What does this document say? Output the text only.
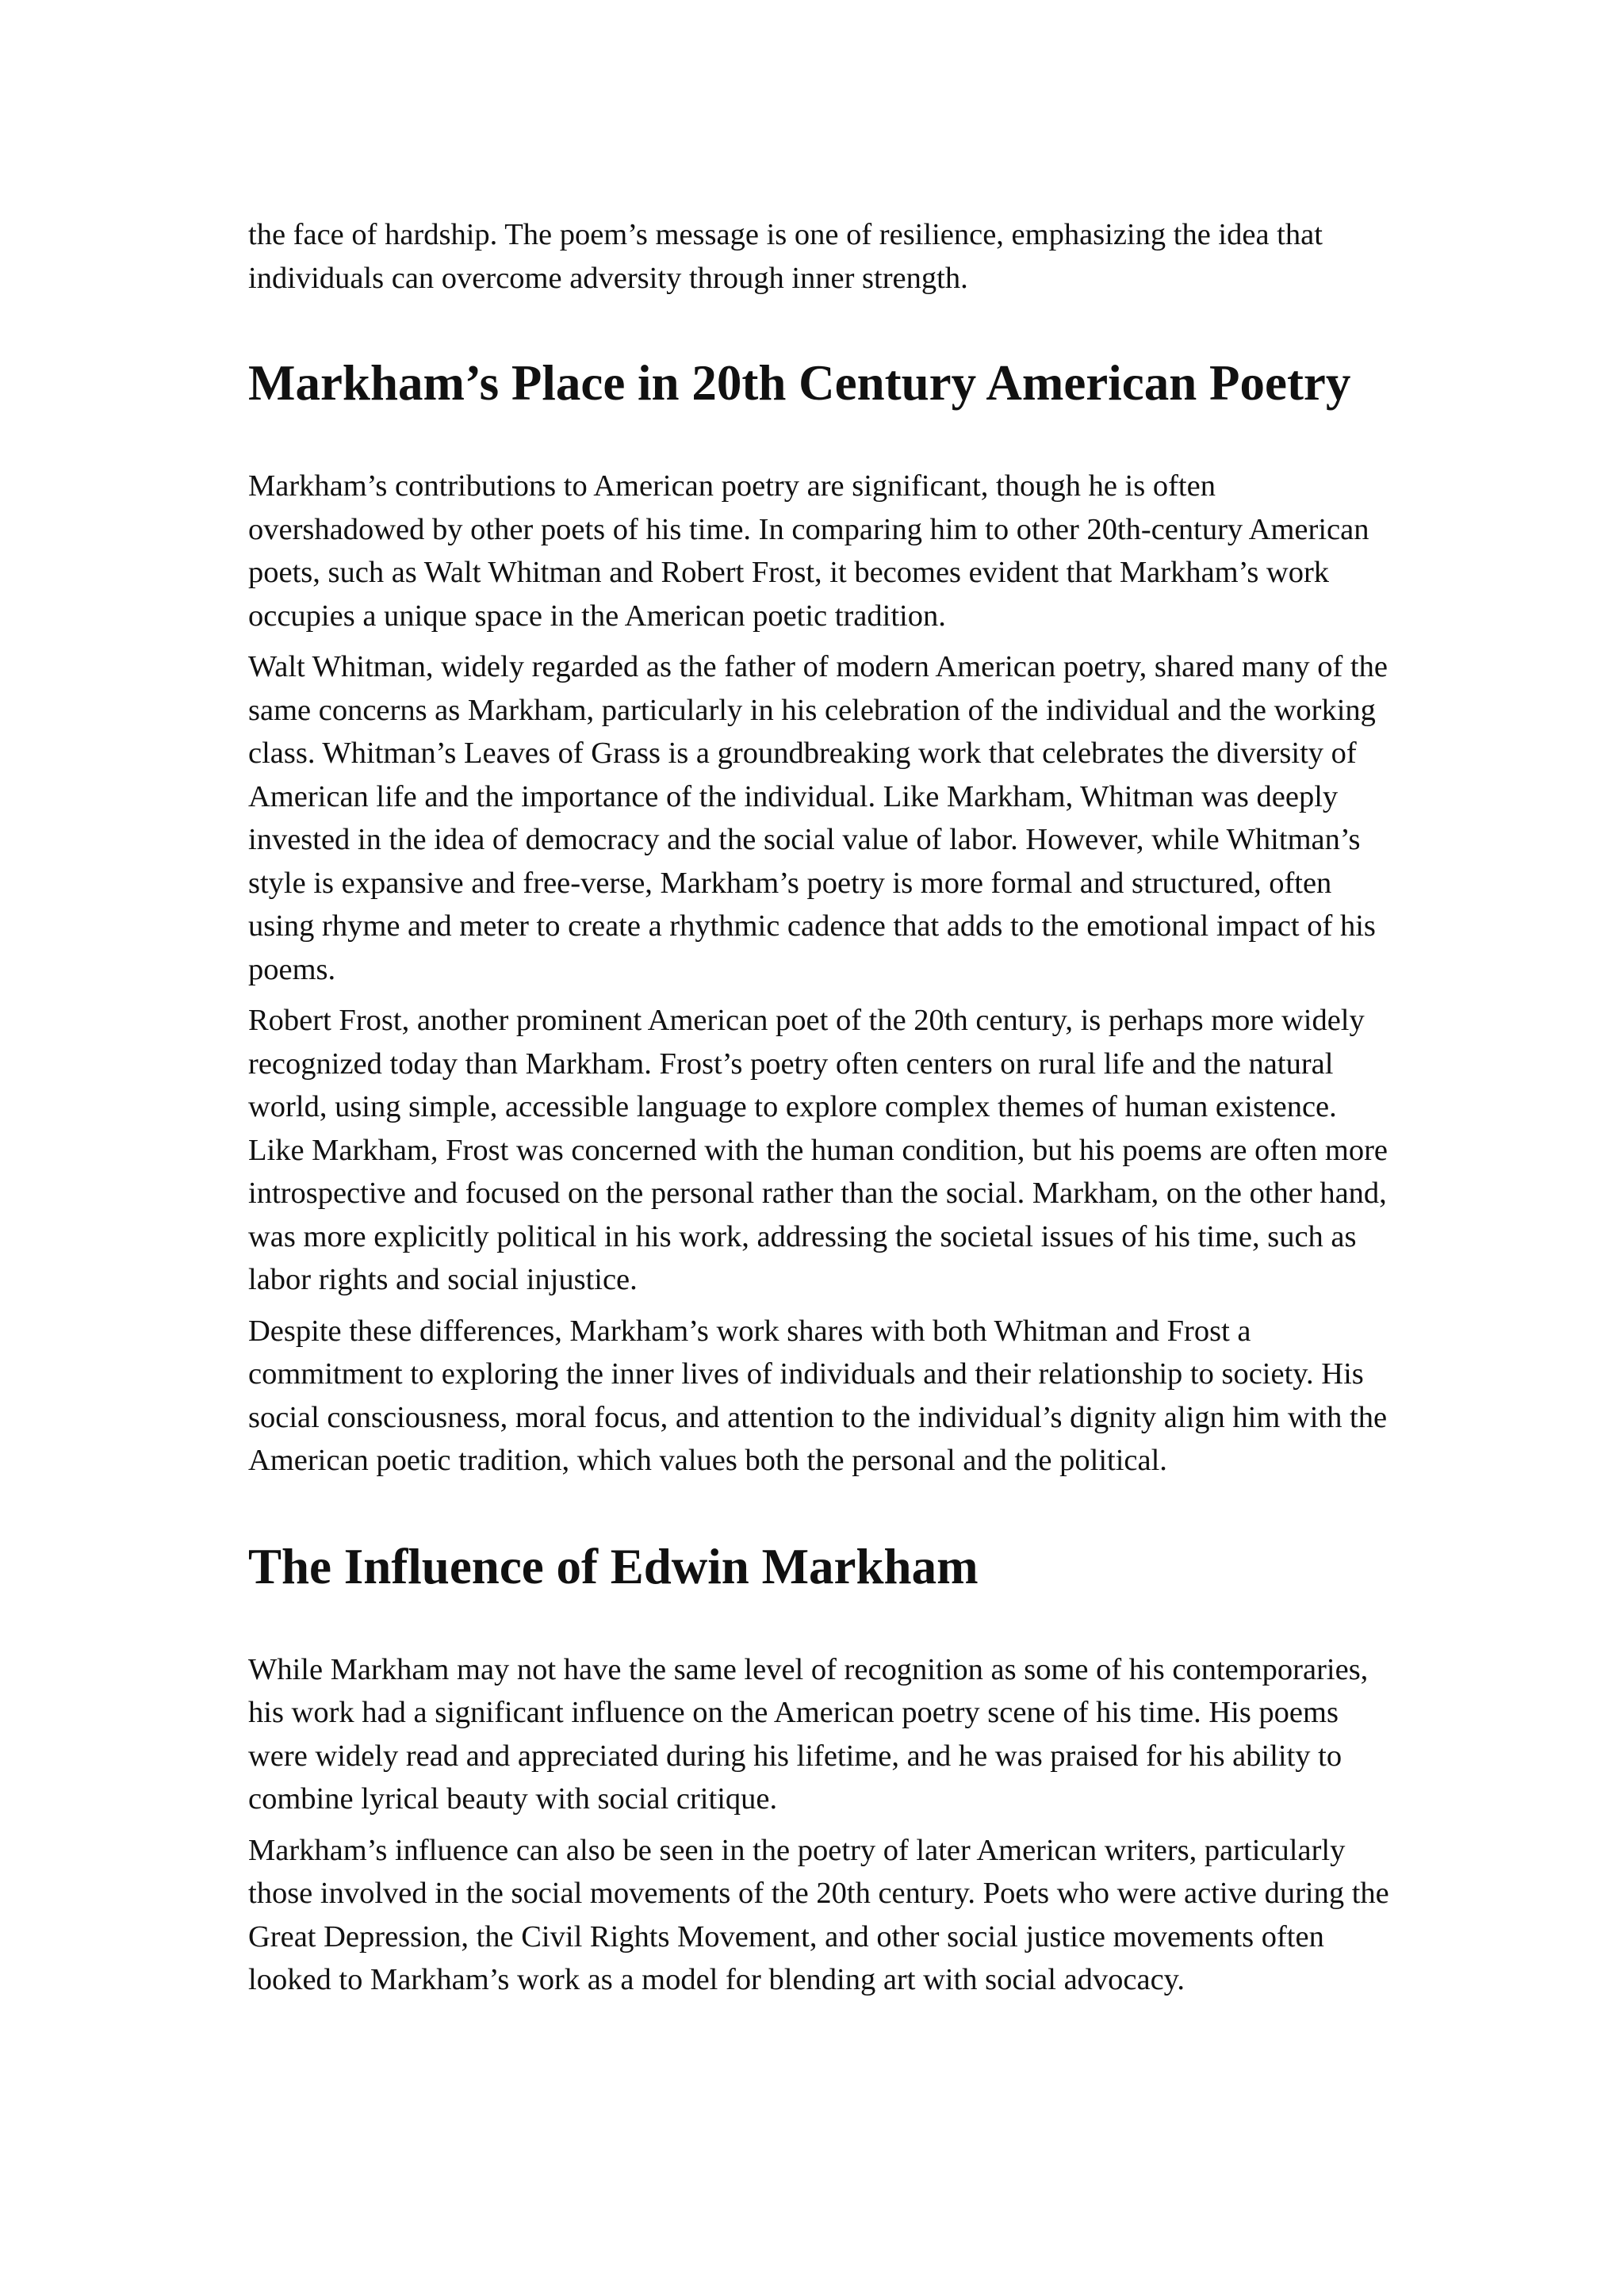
the face of hardship. The poem’s message is one of resilience, emphasizing the idea that individuals can overcome adversity through inner strength.

Markham’s Place in 20th Century American Poetry

Markham’s contributions to American poetry are significant, though he is often overshadowed by other poets of his time. In comparing him to other 20th-century American poets, such as Walt Whitman and Robert Frost, it becomes evident that Markham’s work occupies a unique space in the American poetic tradition.

Walt Whitman, widely regarded as the father of modern American poetry, shared many of the same concerns as Markham, particularly in his celebration of the individual and the working class. Whitman’s Leaves of Grass is a groundbreaking work that celebrates the diversity of American life and the importance of the individual. Like Markham, Whitman was deeply invested in the idea of democracy and the social value of labor. However, while Whitman’s style is expansive and free-verse, Markham’s poetry is more formal and structured, often using rhyme and meter to create a rhythmic cadence that adds to the emotional impact of his poems.

Robert Frost, another prominent American poet of the 20th century, is perhaps more widely recognized today than Markham. Frost’s poetry often centers on rural life and the natural world, using simple, accessible language to explore complex themes of human existence. Like Markham, Frost was concerned with the human condition, but his poems are often more introspective and focused on the personal rather than the social. Markham, on the other hand, was more explicitly political in his work, addressing the societal issues of his time, such as labor rights and social injustice.

Despite these differences, Markham’s work shares with both Whitman and Frost a commitment to exploring the inner lives of individuals and their relationship to society. His social consciousness, moral focus, and attention to the individual’s dignity align him with the American poetic tradition, which values both the personal and the political.

The Influence of Edwin Markham

While Markham may not have the same level of recognition as some of his contemporaries, his work had a significant influence on the American poetry scene of his time. His poems were widely read and appreciated during his lifetime, and he was praised for his ability to combine lyrical beauty with social critique.

Markham’s influence can also be seen in the poetry of later American writers, particularly those involved in the social movements of the 20th century. Poets who were active during the Great Depression, the Civil Rights Movement, and other social justice movements often looked to Markham’s work as a model for blending art with social advocacy.
